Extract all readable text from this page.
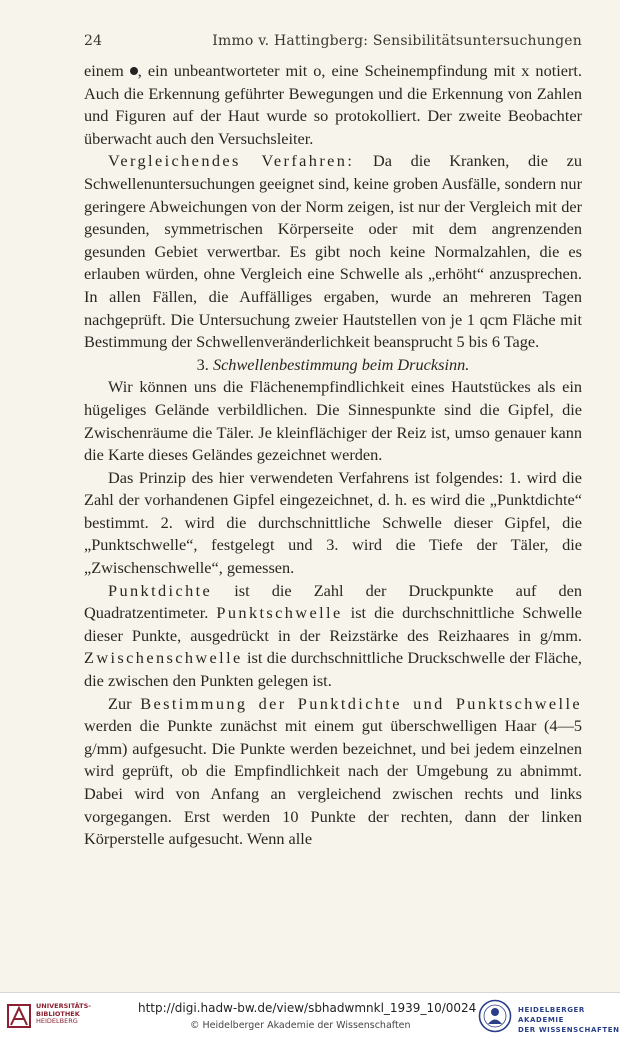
24	Immo v. Hattingberg: Sensibilitätsuntersuchungen

einem , ein unbeantworteter mit o, eine Scheinempfindung mit x notiert. Auch die Erkennung geführter Bewegungen und die Erkennung von Zahlen und Figuren auf der Haut wurde so protokolliert. Der zweite Beobachter überwacht auch den Versuchsleiter.

Vergleichendes Verfahren: Da die Kranken, die zu Schwellenuntersuchungen geeignet sind, keine groben Ausfälle, sondern nur geringere Abweichungen von der Norm zeigen, ist nur der Vergleich mit der gesunden, symmetrischen Körperseite oder mit dem angrenzenden gesunden Gebiet verwertbar. Es gibt noch keine Normalzahlen, die es erlauben würden, ohne Vergleich eine Schwelle als „erhöht“ anzusprechen. In allen Fällen, die Auffälliges ergaben, wurde an mehreren Tagen nachgeprüft. Die Untersuchung zweier Hautstellen von je 1 qcm Fläche mit Bestimmung der Schwellenveränderlichkeit beansprucht 5 bis 6 Tage.

3. Schwellenbestimmung beim Drucksinn.

Wir können uns die Flächenempfindlichkeit eines Hautstückes als ein hügeliges Gelände verbildlichen. Die Sinnespunkte sind die Gipfel, die Zwischenräume die Täler. Je kleinflächiger der Reiz ist, umso genauer kann die Karte dieses Geländes gezeichnet werden.

Das Prinzip des hier verwendeten Verfahrens ist folgendes: 1. wird die Zahl der vorhandenen Gipfel eingezeichnet, d. h. es wird die „Punktdichte“ bestimmt. 2. wird die durchschnittliche Schwelle dieser Gipfel, die „Punktschwelle“, festgelegt und 3. wird die Tiefe der Täler, die „Zwischenschwelle“, gemessen.

Punktdichte ist die Zahl der Druckpunkte auf den Quadratzentimeter. Punktschwelle ist die durchschnittliche Schwelle dieser Punkte, ausgedrückt in der Reizstärke des Reizhaares in g/mm. Zwischenschwelle ist die durchschnittliche Druckschwelle der Fläche, die zwischen den Punkten gelegen ist.

Zur Bestimmung der Punktdichte und Punktschwelle werden die Punkte zunächst mit einem gut überschwelligen Haar (4—5 g/mm) aufgesucht. Die Punkte werden bezeichnet, und bei jedem einzelnen wird geprüft, ob die Empfindlichkeit nach der Umgebung zu abnimmt. Dabei wird von Anfang an vergleichend zwischen rechts und links vorgegangen. Erst werden 10 Punkte der rechten, dann der linken Körperstelle aufgesucht. Wenn alle

UNIVERSITÄTS-
BIBLIOTHEK
HEIDELBERG
http://digi.hadw-bw.de/view/sbhadwmnkl_1939_10/0024
© Heidelberger Akademie der Wissenschaften
HEIDELBERGER AKADEMIE
DER WISSENSCHAFTEN
